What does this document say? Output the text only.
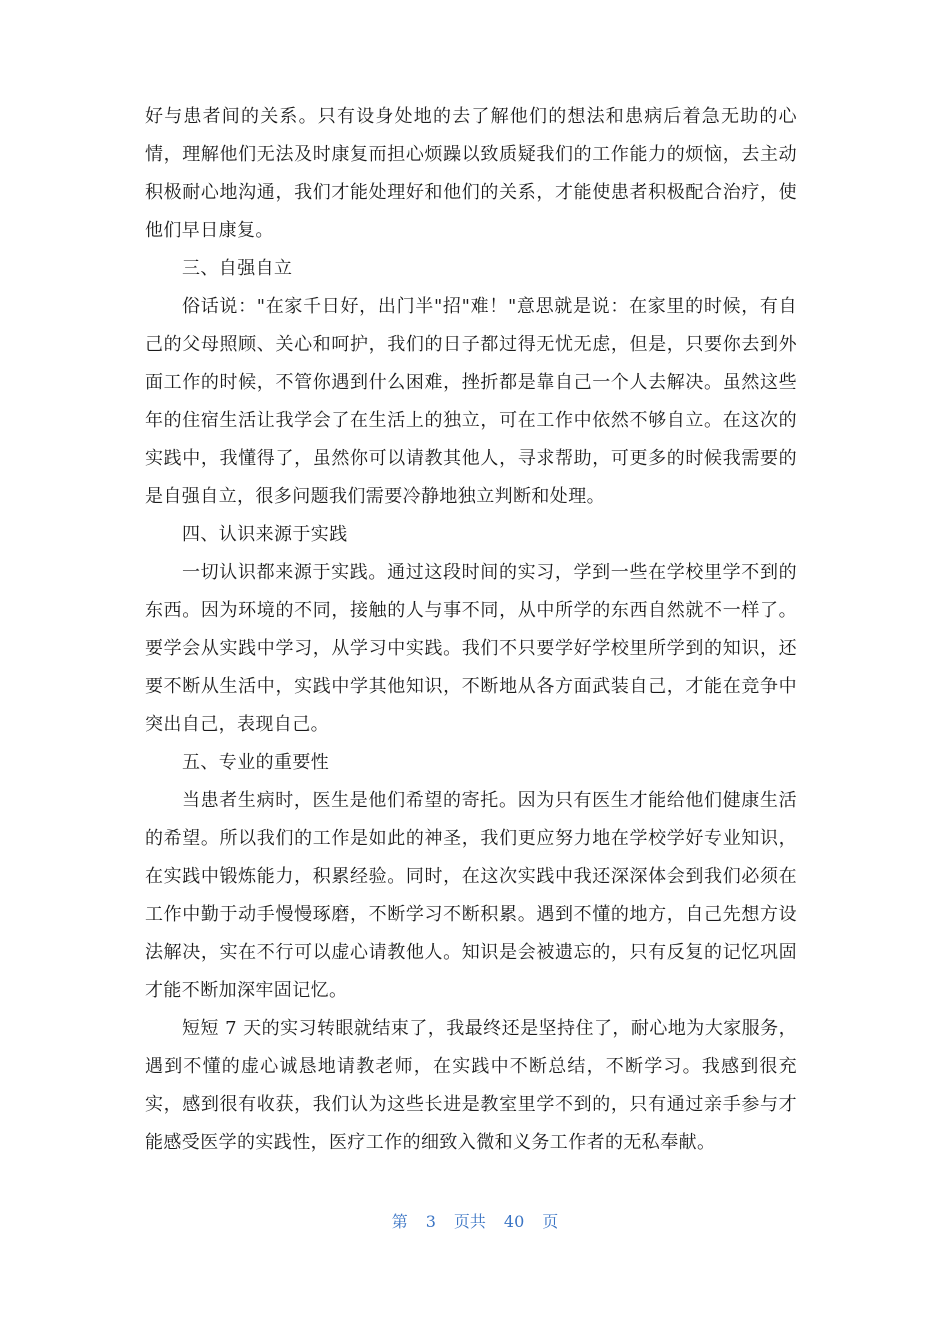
好与患者间的关系。只有设身处地的去了解他们的想法和患病后着急无助的心情，理解他们无法及时康复而担心烦躁以致质疑我们的工作能力的烦恼，去主动积极耐心地沟通，我们才能处理好和他们的关系，才能使患者积极配合治疗，使他们早日康复。

三、自强自立

俗话说："在家千日好，出门半"招"难！"意思就是说：在家里的时候，有自己的父母照顾、关心和呵护，我们的日子都过得无忧无虑，但是，只要你去到外面工作的时候，不管你遇到什么困难，挫折都是靠自己一个人去解决。虽然这些年的住宿生活让我学会了在生活上的独立，可在工作中依然不够自立。在这次的实践中，我懂得了，虽然你可以请教其他人，寻求帮助，可更多的时候我需要的是自强自立，很多问题我们需要冷静地独立判断和处理。

四、认识来源于实践

一切认识都来源于实践。通过这段时间的实习，学到一些在学校里学不到的东西。因为环境的不同，接触的人与事不同，从中所学的东西自然就不一样了。要学会从实践中学习，从学习中实践。我们不只要学好学校里所学到的知识，还要不断从生活中，实践中学其他知识，不断地从各方面武装自己，才能在竞争中突出自己，表现自己。

五、专业的重要性

当患者生病时，医生是他们希望的寄托。因为只有医生才能给他们健康生活的希望。所以我们的工作是如此的神圣，我们更应努力地在学校学好专业知识，在实践中锻炼能力，积累经验。同时，在这次实践中我还深深体会到我们必须在工作中勤于动手慢慢琢磨，不断学习不断积累。遇到不懂的地方，自己先想方设法解决，实在不行可以虚心请教他人。知识是会被遗忘的，只有反复的记忆巩固才能不断加深牢固记忆。

短短 7 天的实习转眼就结束了，我最终还是坚持住了，耐心地为大家服务，遇到不懂的虚心诚恳地请教老师，在实践中不断总结，不断学习。我感到很充实，感到很有收获，我们认为这些长进是教室里学不到的，只有通过亲手参与才能感受医学的实践性，医疗工作的细致入微和义务工作者的无私奉献。

第 3 页共 40 页
